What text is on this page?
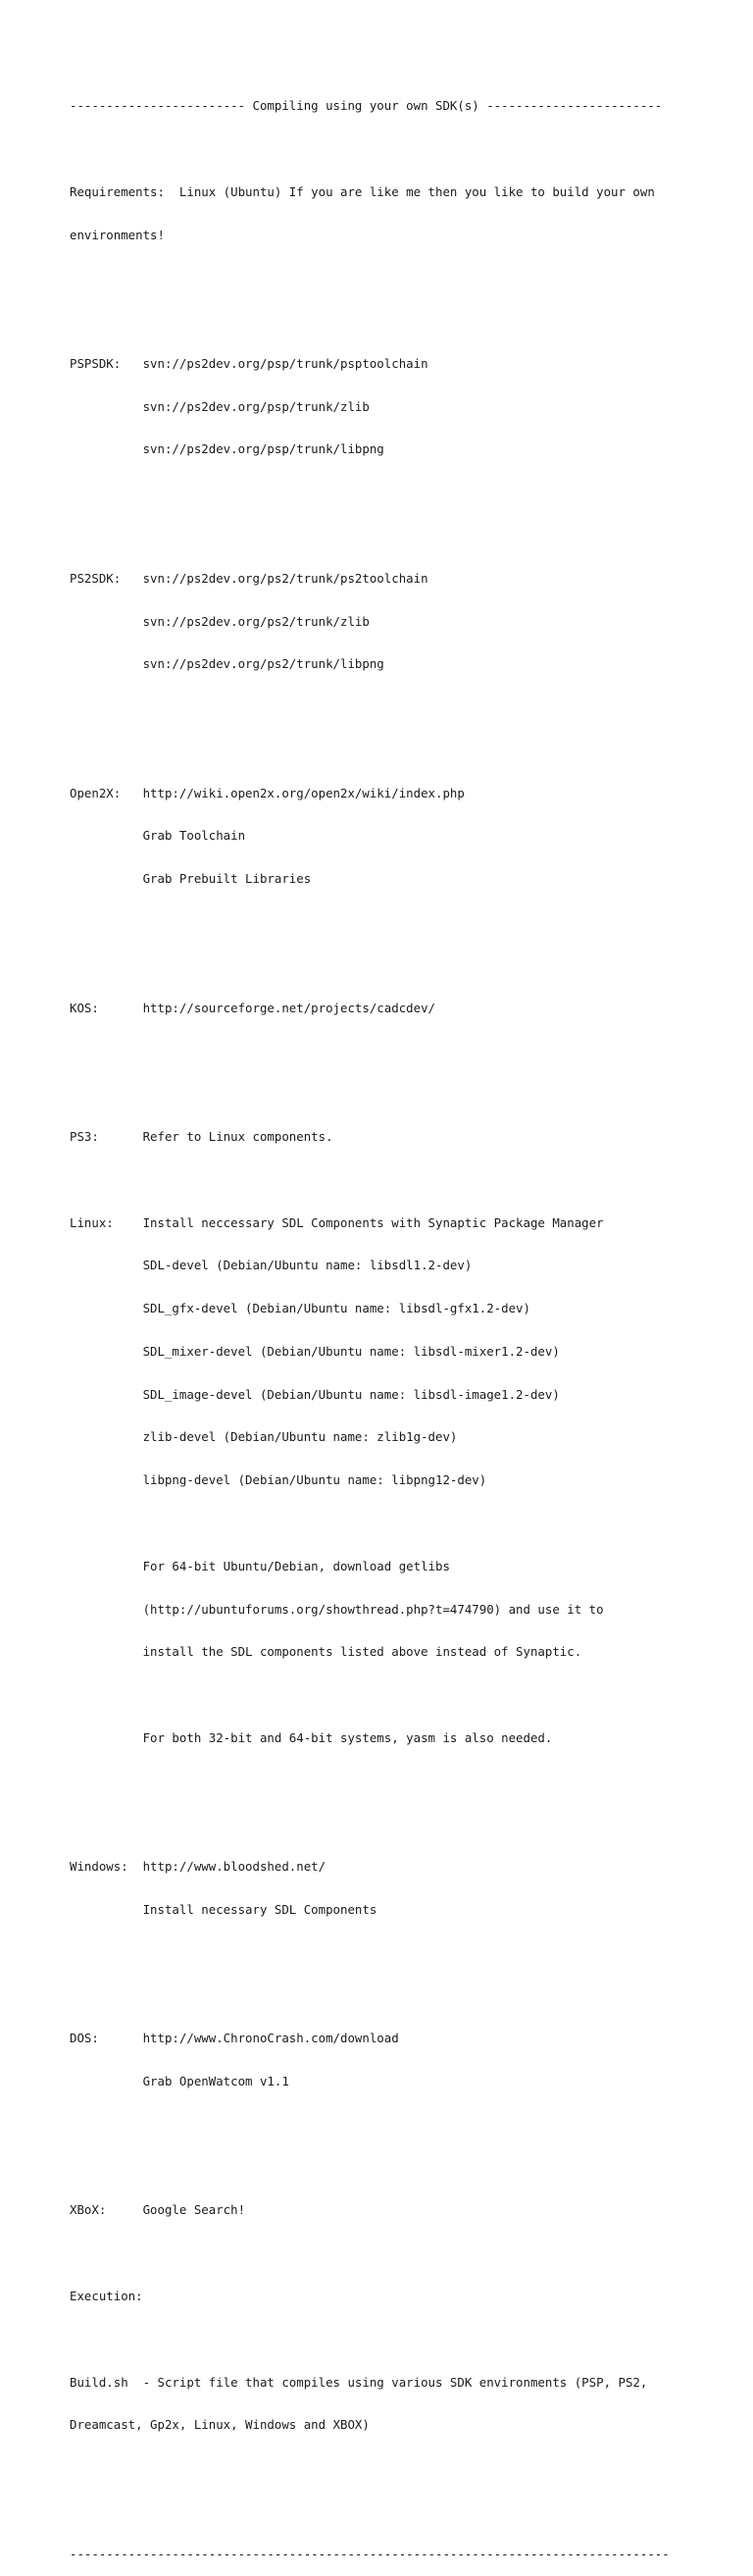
------------------------ Compiling using your own SDK(s) ------------------------

Requirements:  Linux (Ubuntu) If you are like me then you like to build your own

environments!

PSPSDK:   svn://ps2dev.org/psp/trunk/psptoolchain

svn://ps2dev.org/psp/trunk/zlib

svn://ps2dev.org/psp/trunk/libpng

PS2SDK:   svn://ps2dev.org/ps2/trunk/ps2toolchain

svn://ps2dev.org/ps2/trunk/zlib

svn://ps2dev.org/ps2/trunk/libpng

Open2X:   http://wiki.open2x.org/open2x/wiki/index.php

Grab Toolchain

Grab Prebuilt Libraries

KOS:      http://sourceforge.net/projects/cadcdev/

PS3:      Refer to Linux components.

Linux:    Install neccessary SDL Components with Synaptic Package Manager

SDL-devel (Debian/Ubuntu name: libsdl1.2-dev)

SDL_gfx-devel (Debian/Ubuntu name: libsdl-gfx1.2-dev)

SDL_mixer-devel (Debian/Ubuntu name: libsdl-mixer1.2-dev)

SDL_image-devel (Debian/Ubuntu name: libsdl-image1.2-dev)

zlib-devel (Debian/Ubuntu name: zlib1g-dev)

libpng-devel (Debian/Ubuntu name: libpng12-dev)

For 64-bit Ubuntu/Debian, download getlibs

(http://ubuntuforums.org/showthread.php?t=474790) and use it to

install the SDL components listed above instead of Synaptic.

For both 32-bit and 64-bit systems, yasm is also needed.

Windows:  http://www.bloodshed.net/

Install necessary SDL Components

DOS:      http://www.ChronoCrash.com/download

Grab OpenWatcom v1.1

XBoX:     Google Search!

Execution:

Build.sh  - Script file that compiles using various SDK environments (PSP, PS2,

Dreamcast, Gp2x, Linux, Windows and XBOX)

----------------------------------------------------------------------------------
